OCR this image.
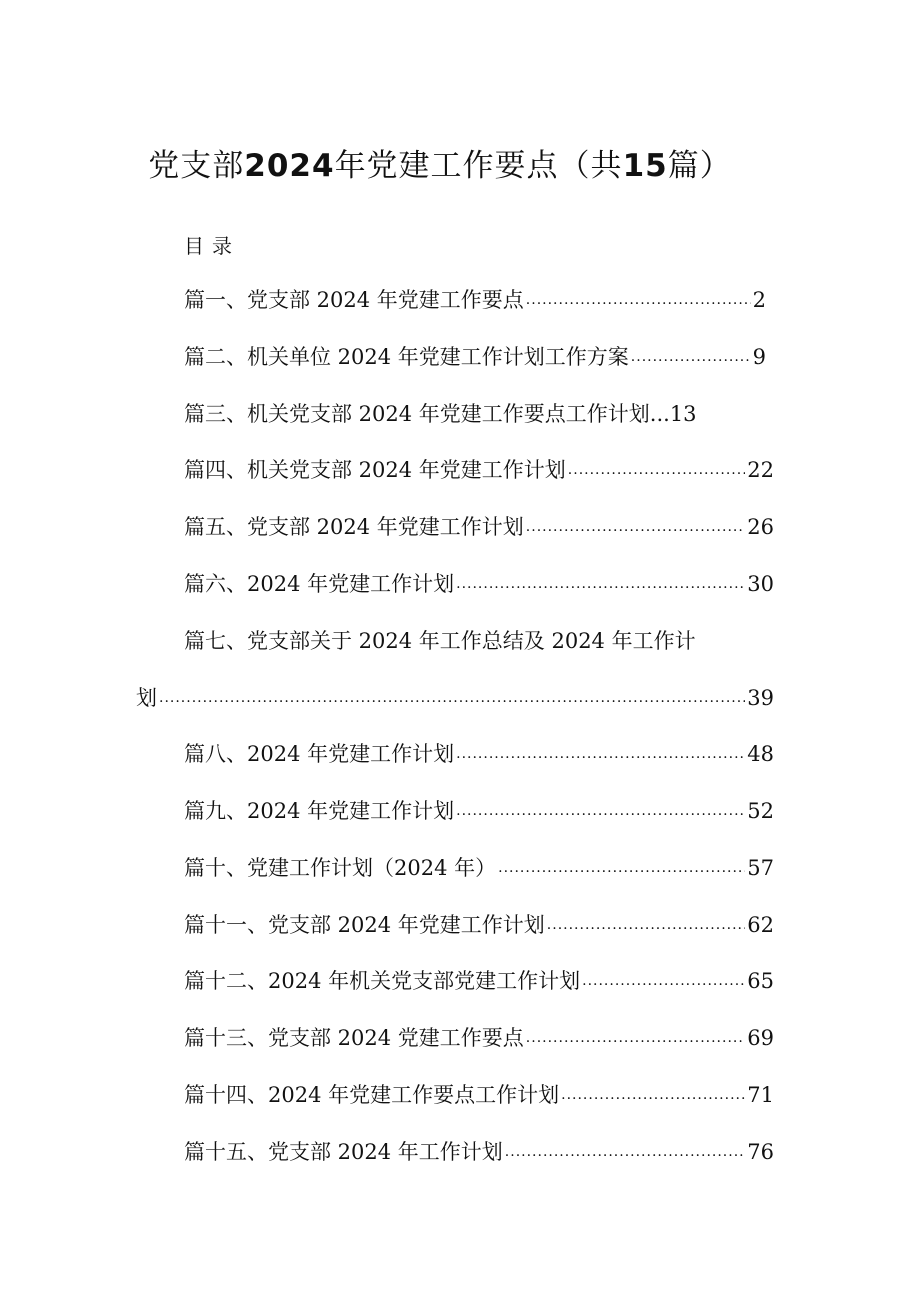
党支部2024年党建工作要点（共15篇）

目录

篇一、党支部 2024 年党建工作要点 .....	2
篇二、机关单位 2024 年党建工作计划工作方案 .....	9
篇三、机关党支部 2024 年党建工作要点工作计划...13
篇四、机关党支部 2024 年党建工作计划 .....	22
篇五、党支部 2024 年党建工作计划 .....	26
篇六、2024 年党建工作计划 .....	30
篇七、党支部关于 2024 年工作总结及 2024 年工作计
划 .....	39
篇八、2024 年党建工作计划 .....	48
篇九、2024 年党建工作计划 .....	52
篇十、党建工作计划（2024 年） .....	57
篇十一、党支部 2024 年党建工作计划 .....	62
篇十二、2024 年机关党支部党建工作计划 .....	65
篇十三、党支部 2024 党建工作要点 .....	69
篇十四、2024 年党建工作要点工作计划 .....	71
篇十五、党支部 2024 年工作计划 .....	76
